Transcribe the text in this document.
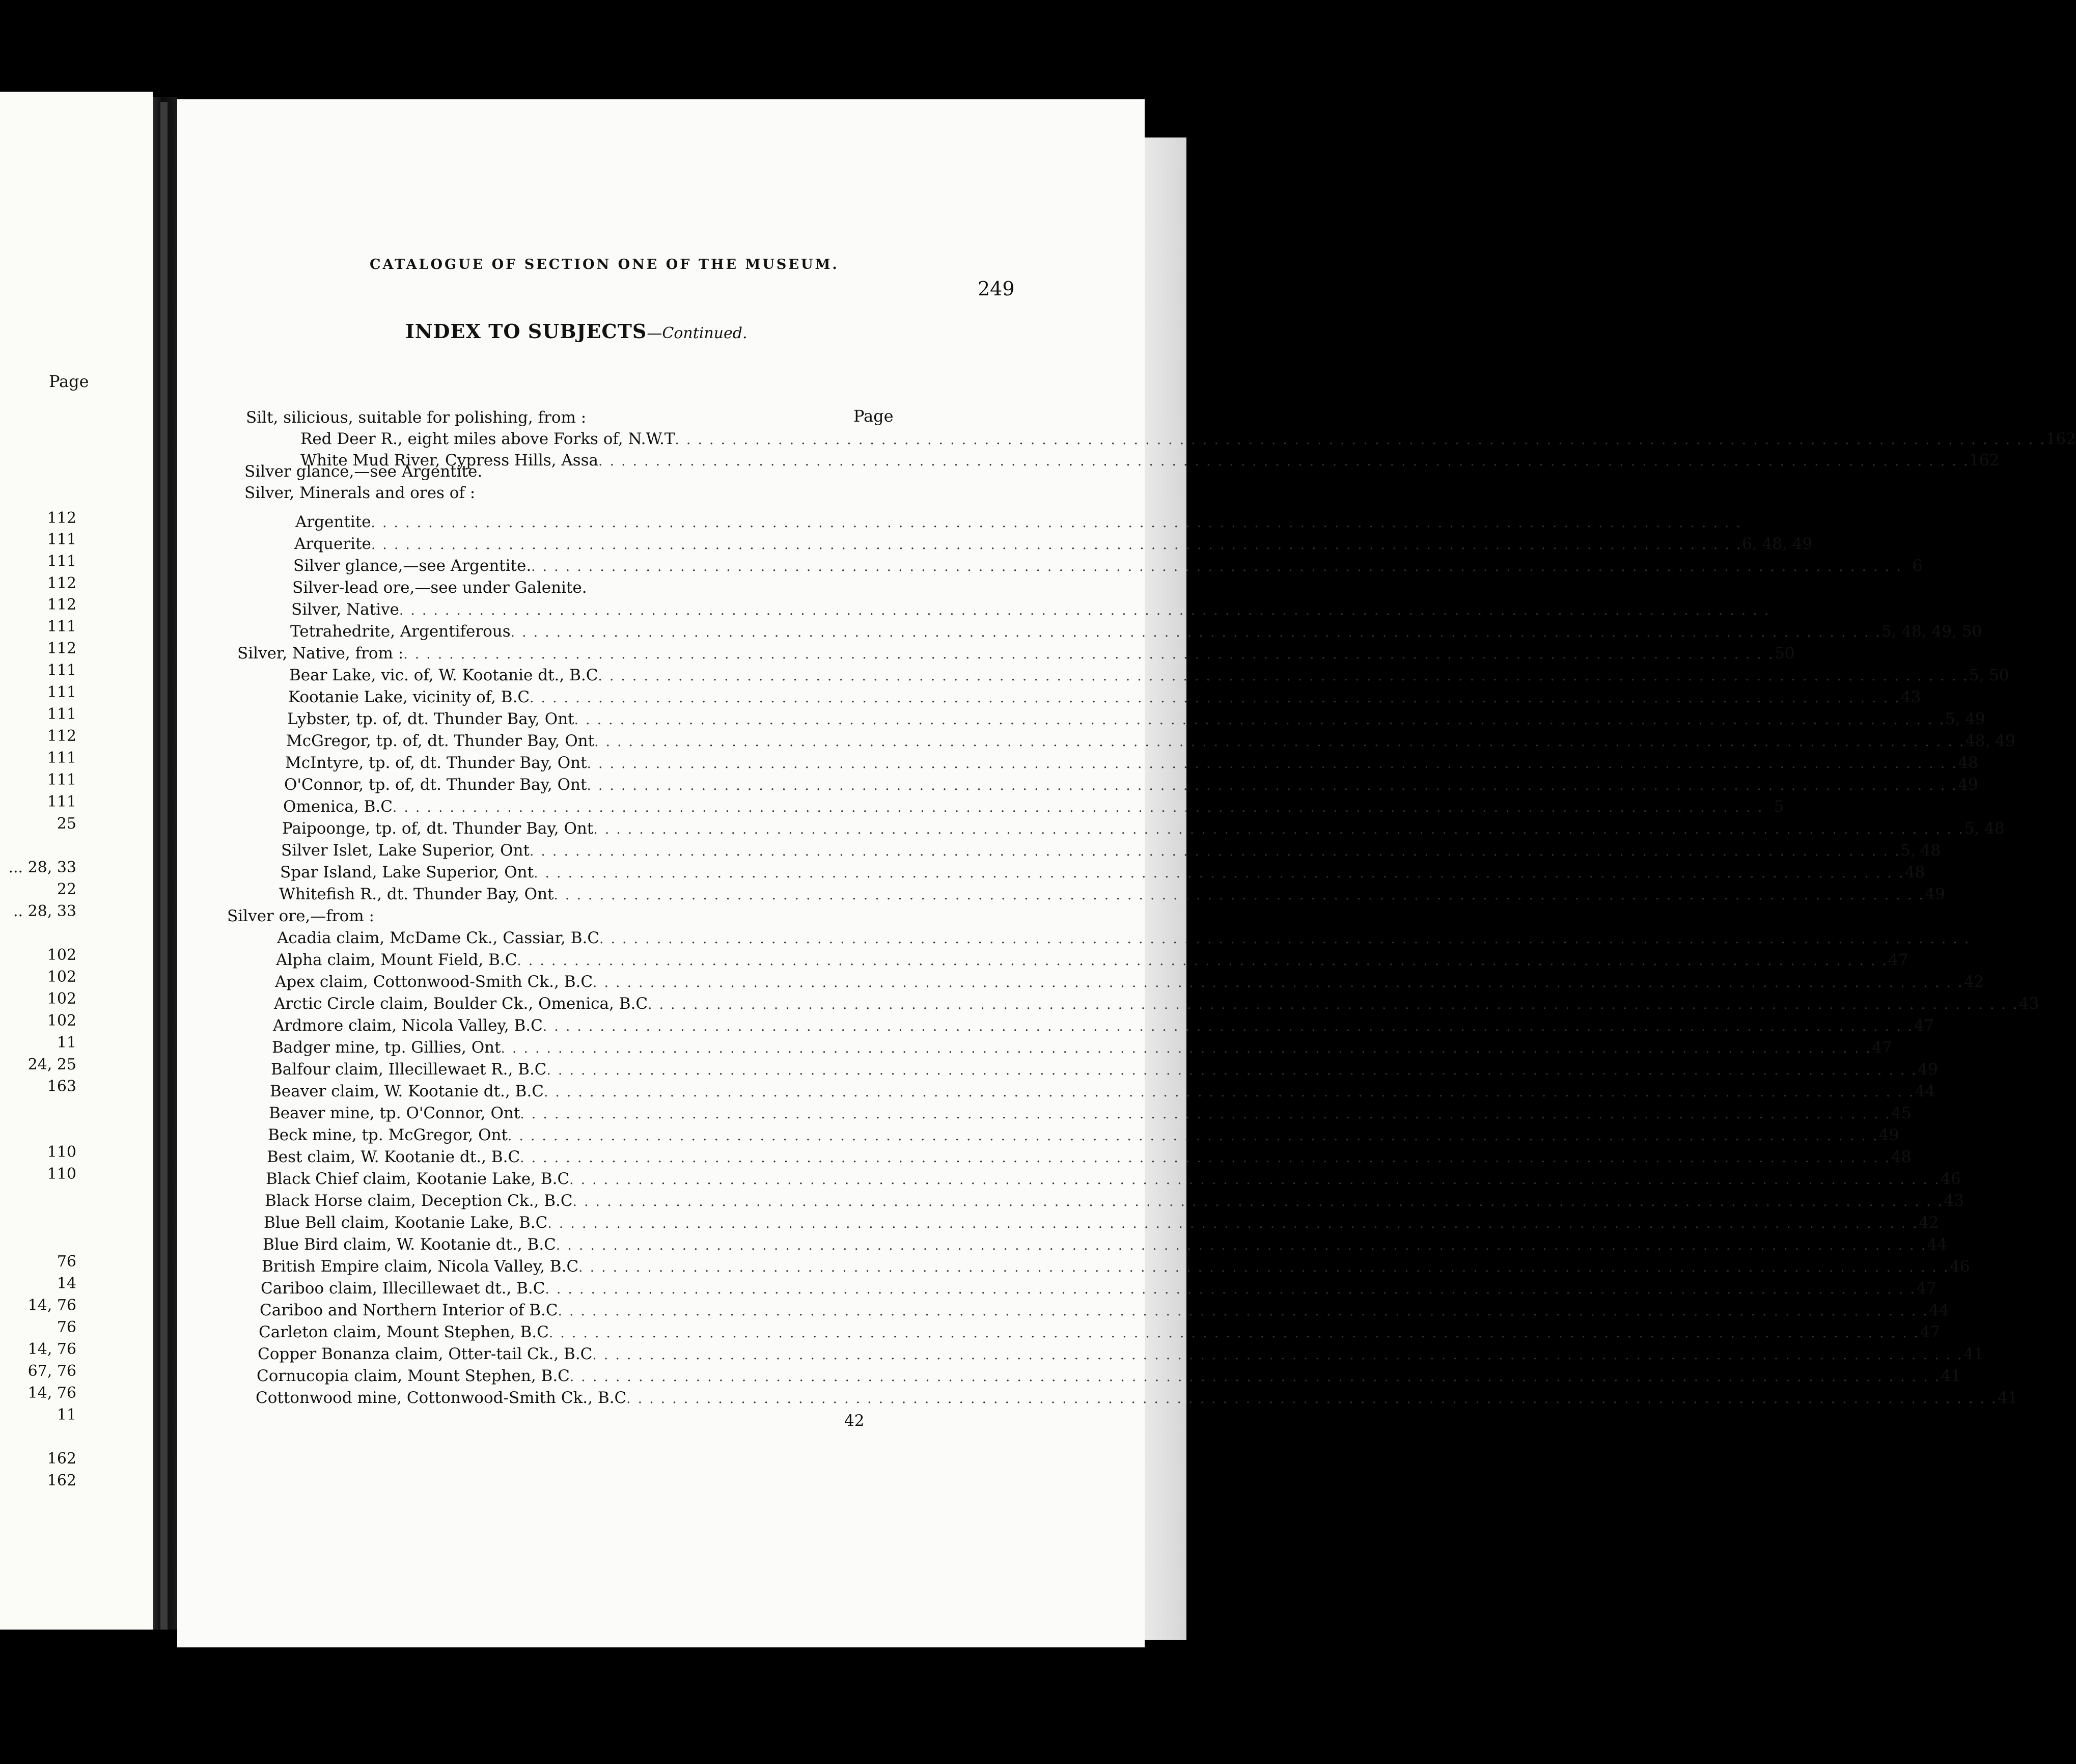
Page
112
111
111
112
112
111
112
111
111
111
112
111
111
111
25
... 28, 33
22
.. 28, 33
102
102
102
102
11
24, 25
163
110
110
76
14
14, 76
76
14, 76
67, 76
14, 76
11
162
162
CATALOGUE OF SECTION ONE OF THE MUSEUM.
249
INDEX TO SUBJECTS—Continued.
Page
Silt, silicious, suitable for polishing, from :
Red Deer R., eight miles above Forks of, N.W.T . . . . . . . . . . . . . . . . . . . . . . . . . . . . . . . . . . . . . . . . . . . . . . . . . . . . . . . . . . . . . . . . . . . . . . . . . . . . . . . . . . . . . . . . . . . . . . . . . . . . . . . . . . . . . . . . . . . . . . . . 162
White Mud River, Cypress Hills, Assa . . . . . . . . . . . . . . . . . . . . . . . . . . . . . . . . . . . . . . . . . . . . . . . . . . . . . . . . . . . . . . . . . . . . . . . . . . . . . . . . . . . . . . . . . . . . . . . . . . . . . . . . . . . . . . . . . . . . . . . . 162
Silver glance,—see Argentite.
Silver, Minerals and ores of :
Argentite . . . . . . . . . . . . . . . . . . . . . . . . . . . . . . . . . . . . . . . . . . . . . . . . . . . . . . . . . . . . . . . . . . . . . . . . . . . . . . . . . . . . . . . . . . . . . . . . . . . . . . . . . . . . . . . . . . . . . . . .
Arquerite . . . . . . . . . . . . . . . . . . . . . . . . . . . . . . . . . . . . . . . . . . . . . . . . . . . . . . . . . . . . . . . . . . . . . . . . . . . . . . . . . . . . . . . . . . . . . . . . . . . . . . . . . . . . . . . . . . . . . . . . 6, 48, 49
Silver glance,—see Argentite. . . . . . . . . . . . . . . . . . . . . . . . . . . . . . . . . . . . . . . . . . . . . . . . . . . . . . . . . . . . . . . . . . . . . . . . . . . . . . . . . . . . . . . . . . . . . . . . . . . . . . . . . . . . . . . . . . . . . . . . . 6
Silver-lead ore,—see under Galenite.
Silver, Native . . . . . . . . . . . . . . . . . . . . . . . . . . . . . . . . . . . . . . . . . . . . . . . . . . . . . . . . . . . . . . . . . . . . . . . . . . . . . . . . . . . . . . . . . . . . . . . . . . . . . . . . . . . . . . . . . . . . . . . .
Tetrahedrite, Argentiferous . . . . . . . . . . . . . . . . . . . . . . . . . . . . . . . . . . . . . . . . . . . . . . . . . . . . . . . . . . . . . . . . . . . . . . . . . . . . . . . . . . . . . . . . . . . . . . . . . . . . . . . . . . . . . . . . . . . . . . . . 5, 48, 49, 50
Silver, Native, from : . . . . . . . . . . . . . . . . . . . . . . . . . . . . . . . . . . . . . . . . . . . . . . . . . . . . . . . . . . . . . . . . . . . . . . . . . . . . . . . . . . . . . . . . . . . . . . . . . . . . . . . . . . . . . . . . . . . . . . . . 50
Bear Lake, vic. of, W. Kootanie dt., B.C . . . . . . . . . . . . . . . . . . . . . . . . . . . . . . . . . . . . . . . . . . . . . . . . . . . . . . . . . . . . . . . . . . . . . . . . . . . . . . . . . . . . . . . . . . . . . . . . . . . . . . . . . . . . . . . . . . . . . . . . 5, 50
Kootanie Lake, vicinity of, B.C . . . . . . . . . . . . . . . . . . . . . . . . . . . . . . . . . . . . . . . . . . . . . . . . . . . . . . . . . . . . . . . . . . . . . . . . . . . . . . . . . . . . . . . . . . . . . . . . . . . . . . . . . . . . . . . . . . . . . . . . 43
Lybster, tp. of, dt. Thunder Bay, Ont . . . . . . . . . . . . . . . . . . . . . . . . . . . . . . . . . . . . . . . . . . . . . . . . . . . . . . . . . . . . . . . . . . . . . . . . . . . . . . . . . . . . . . . . . . . . . . . . . . . . . . . . . . . . . . . . . . . . . . . . 5, 49
McGregor, tp. of, dt. Thunder Bay, Ont . . . . . . . . . . . . . . . . . . . . . . . . . . . . . . . . . . . . . . . . . . . . . . . . . . . . . . . . . . . . . . . . . . . . . . . . . . . . . . . . . . . . . . . . . . . . . . . . . . . . . . . . . . . . . . . . . . . . . . . . 48, 49
McIntyre, tp. of, dt. Thunder Bay, Ont . . . . . . . . . . . . . . . . . . . . . . . . . . . . . . . . . . . . . . . . . . . . . . . . . . . . . . . . . . . . . . . . . . . . . . . . . . . . . . . . . . . . . . . . . . . . . . . . . . . . . . . . . . . . . . . . . . . . . . . . 48
O'Connor, tp. of, dt. Thunder Bay, Ont . . . . . . . . . . . . . . . . . . . . . . . . . . . . . . . . . . . . . . . . . . . . . . . . . . . . . . . . . . . . . . . . . . . . . . . . . . . . . . . . . . . . . . . . . . . . . . . . . . . . . . . . . . . . . . . . . . . . . . . . 49
Omenica, B.C . . . . . . . . . . . . . . . . . . . . . . . . . . . . . . . . . . . . . . . . . . . . . . . . . . . . . . . . . . . . . . . . . . . . . . . . . . . . . . . . . . . . . . . . . . . . . . . . . . . . . . . . . . . . . . . . . . . . . . . . 5
Paipoonge, tp. of, dt. Thunder Bay, Ont . . . . . . . . . . . . . . . . . . . . . . . . . . . . . . . . . . . . . . . . . . . . . . . . . . . . . . . . . . . . . . . . . . . . . . . . . . . . . . . . . . . . . . . . . . . . . . . . . . . . . . . . . . . . . . . . . . . . . . . . 5, 48
Silver Islet, Lake Superior, Ont . . . . . . . . . . . . . . . . . . . . . . . . . . . . . . . . . . . . . . . . . . . . . . . . . . . . . . . . . . . . . . . . . . . . . . . . . . . . . . . . . . . . . . . . . . . . . . . . . . . . . . . . . . . . . . . . . . . . . . . . 5, 48
Spar Island, Lake Superior, Ont . . . . . . . . . . . . . . . . . . . . . . . . . . . . . . . . . . . . . . . . . . . . . . . . . . . . . . . . . . . . . . . . . . . . . . . . . . . . . . . . . . . . . . . . . . . . . . . . . . . . . . . . . . . . . . . . . . . . . . . . 48
Whitefish R., dt. Thunder Bay, Ont . . . . . . . . . . . . . . . . . . . . . . . . . . . . . . . . . . . . . . . . . . . . . . . . . . . . . . . . . . . . . . . . . . . . . . . . . . . . . . . . . . . . . . . . . . . . . . . . . . . . . . . . . . . . . . . . . . . . . . . . 49
Silver ore,—from :
Acadia claim, McDame Ck., Cassiar, B.C . . . . . . . . . . . . . . . . . . . . . . . . . . . . . . . . . . . . . . . . . . . . . . . . . . . . . . . . . . . . . . . . . . . . . . . . . . . . . . . . . . . . . . . . . . . . . . . . . . . . . . . . . . . . . . . . . . . . . . . .
Alpha claim, Mount Field, B.C . . . . . . . . . . . . . . . . . . . . . . . . . . . . . . . . . . . . . . . . . . . . . . . . . . . . . . . . . . . . . . . . . . . . . . . . . . . . . . . . . . . . . . . . . . . . . . . . . . . . . . . . . . . . . . . . . . . . . . . . 47
Apex claim, Cottonwood-Smith Ck., B.C . . . . . . . . . . . . . . . . . . . . . . . . . . . . . . . . . . . . . . . . . . . . . . . . . . . . . . . . . . . . . . . . . . . . . . . . . . . . . . . . . . . . . . . . . . . . . . . . . . . . . . . . . . . . . . . . . . . . . . . . 42
Arctic Circle claim, Boulder Ck., Omenica, B.C . . . . . . . . . . . . . . . . . . . . . . . . . . . . . . . . . . . . . . . . . . . . . . . . . . . . . . . . . . . . . . . . . . . . . . . . . . . . . . . . . . . . . . . . . . . . . . . . . . . . . . . . . . . . . . . . . . . . . . . . 43
Ardmore claim, Nicola Valley, B.C . . . . . . . . . . . . . . . . . . . . . . . . . . . . . . . . . . . . . . . . . . . . . . . . . . . . . . . . . . . . . . . . . . . . . . . . . . . . . . . . . . . . . . . . . . . . . . . . . . . . . . . . . . . . . . . . . . . . . . . . 47
Badger mine, tp. Gillies, Ont . . . . . . . . . . . . . . . . . . . . . . . . . . . . . . . . . . . . . . . . . . . . . . . . . . . . . . . . . . . . . . . . . . . . . . . . . . . . . . . . . . . . . . . . . . . . . . . . . . . . . . . . . . . . . . . . . . . . . . . . 47
Balfour claim, Illecillewaet R., B.C . . . . . . . . . . . . . . . . . . . . . . . . . . . . . . . . . . . . . . . . . . . . . . . . . . . . . . . . . . . . . . . . . . . . . . . . . . . . . . . . . . . . . . . . . . . . . . . . . . . . . . . . . . . . . . . . . . . . . . . . 49
Beaver claim, W. Kootanie dt., B.C . . . . . . . . . . . . . . . . . . . . . . . . . . . . . . . . . . . . . . . . . . . . . . . . . . . . . . . . . . . . . . . . . . . . . . . . . . . . . . . . . . . . . . . . . . . . . . . . . . . . . . . . . . . . . . . . . . . . . . . . 44
Beaver mine, tp. O'Connor, Ont . . . . . . . . . . . . . . . . . . . . . . . . . . . . . . . . . . . . . . . . . . . . . . . . . . . . . . . . . . . . . . . . . . . . . . . . . . . . . . . . . . . . . . . . . . . . . . . . . . . . . . . . . . . . . . . . . . . . . . . . 45
Beck mine, tp. McGregor, Ont . . . . . . . . . . . . . . . . . . . . . . . . . . . . . . . . . . . . . . . . . . . . . . . . . . . . . . . . . . . . . . . . . . . . . . . . . . . . . . . . . . . . . . . . . . . . . . . . . . . . . . . . . . . . . . . . . . . . . . . . 49
Best claim, W. Kootanie dt., B.C . . . . . . . . . . . . . . . . . . . . . . . . . . . . . . . . . . . . . . . . . . . . . . . . . . . . . . . . . . . . . . . . . . . . . . . . . . . . . . . . . . . . . . . . . . . . . . . . . . . . . . . . . . . . . . . . . . . . . . . . 48
Black Chief claim, Kootanie Lake, B.C . . . . . . . . . . . . . . . . . . . . . . . . . . . . . . . . . . . . . . . . . . . . . . . . . . . . . . . . . . . . . . . . . . . . . . . . . . . . . . . . . . . . . . . . . . . . . . . . . . . . . . . . . . . . . . . . . . . . . . . . 46
Black Horse claim, Deception Ck., B.C . . . . . . . . . . . . . . . . . . . . . . . . . . . . . . . . . . . . . . . . . . . . . . . . . . . . . . . . . . . . . . . . . . . . . . . . . . . . . . . . . . . . . . . . . . . . . . . . . . . . . . . . . . . . . . . . . . . . . . . . 43
Blue Bell claim, Kootanie Lake, B.C . . . . . . . . . . . . . . . . . . . . . . . . . . . . . . . . . . . . . . . . . . . . . . . . . . . . . . . . . . . . . . . . . . . . . . . . . . . . . . . . . . . . . . . . . . . . . . . . . . . . . . . . . . . . . . . . . . . . . . . . 42
Blue Bird claim, W. Kootanie dt., B.C . . . . . . . . . . . . . . . . . . . . . . . . . . . . . . . . . . . . . . . . . . . . . . . . . . . . . . . . . . . . . . . . . . . . . . . . . . . . . . . . . . . . . . . . . . . . . . . . . . . . . . . . . . . . . . . . . . . . . . . . 44
British Empire claim, Nicola Valley, B.C . . . . . . . . . . . . . . . . . . . . . . . . . . . . . . . . . . . . . . . . . . . . . . . . . . . . . . . . . . . . . . . . . . . . . . . . . . . . . . . . . . . . . . . . . . . . . . . . . . . . . . . . . . . . . . . . . . . . . . . . 46
Cariboo claim, Illecillewaet dt., B.C . . . . . . . . . . . . . . . . . . . . . . . . . . . . . . . . . . . . . . . . . . . . . . . . . . . . . . . . . . . . . . . . . . . . . . . . . . . . . . . . . . . . . . . . . . . . . . . . . . . . . . . . . . . . . . . . . . . . . . . . 47
Cariboo and Northern Interior of B.C . . . . . . . . . . . . . . . . . . . . . . . . . . . . . . . . . . . . . . . . . . . . . . . . . . . . . . . . . . . . . . . . . . . . . . . . . . . . . . . . . . . . . . . . . . . . . . . . . . . . . . . . . . . . . . . . . . . . . . . . 44
Carleton claim, Mount Stephen, B.C . . . . . . . . . . . . . . . . . . . . . . . . . . . . . . . . . . . . . . . . . . . . . . . . . . . . . . . . . . . . . . . . . . . . . . . . . . . . . . . . . . . . . . . . . . . . . . . . . . . . . . . . . . . . . . . . . . . . . . . . 47
Copper Bonanza claim, Otter-tail Ck., B.C . . . . . . . . . . . . . . . . . . . . . . . . . . . . . . . . . . . . . . . . . . . . . . . . . . . . . . . . . . . . . . . . . . . . . . . . . . . . . . . . . . . . . . . . . . . . . . . . . . . . . . . . . . . . . . . . . . . . . . . . 41
Cornucopia claim, Mount Stephen, B.C . . . . . . . . . . . . . . . . . . . . . . . . . . . . . . . . . . . . . . . . . . . . . . . . . . . . . . . . . . . . . . . . . . . . . . . . . . . . . . . . . . . . . . . . . . . . . . . . . . . . . . . . . . . . . . . . . . . . . . . . 41
Cottonwood mine, Cottonwood-Smith Ck., B.C . . . . . . . . . . . . . . . . . . . . . . . . . . . . . . . . . . . . . . . . . . . . . . . . . . . . . . . . . . . . . . . . . . . . . . . . . . . . . . . . . . . . . . . . . . . . . . . . . . . . . . . . . . . . . . . . . . . . . . . . 41
42
